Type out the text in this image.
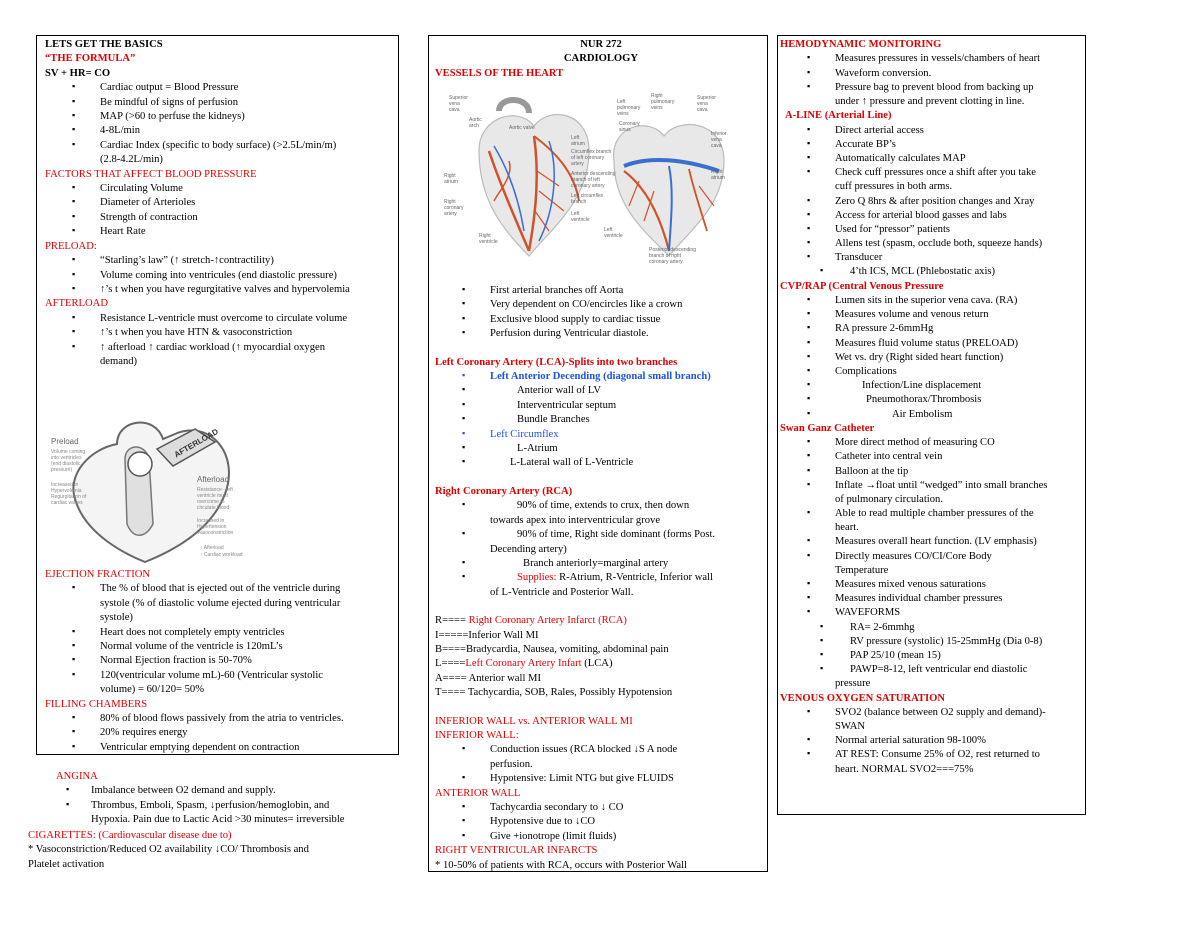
LETS GET THE BASICS
“THE FORMULA”
SV + HR= CO
▪ Cardiac output = Blood Pressure
▪ Be mindful of signs of perfusion
▪ MAP (>60 to perfuse the kidneys)
▪ 4-8L/min
▪ Cardiac Index (specific to body surface) (>2.5L/min/m)
(2.8-4.2L/min)
FACTORS THAT AFFECT BLOOD PRESSURE
▪ Circulating Volume
▪ Diameter of Arterioles
▪ Strength of contraction
▪ Heart Rate
PRELOAD:
▪ “Starling’s law” (↑ stretch-↑contractility)
▪ Volume coming into ventricules (end diastolic pressure)
▪ ↑’s t when you have regurgitative valves and hypervolemia
AFTERLOAD
▪ Resistance L-ventricle must overcome to circulate volume
▪ ↑’s t when you have HTN & vasoconstriction
▪ ↑ afterload ↑ cardiac workload (↑ myocardial oxygen
demand)
AFTERLOAD
Preload
Volume coming
into ventricles
(end diastolic
pressure)
Increased in
Hypervolemia
Regurgitation of
cardiac valves
Afterload
Resistance - left
ventricle must
overcome to
circulate blood
Increased in
Hypertension
Vasoconstriction
↑ Afterload
↑ Cardiac workload
EJECTION FRACTION
▪ The % of blood that is ejected out of the ventricle during
systole (% of diastolic volume ejected during ventricular
systole)
▪ Heart does not completely empty ventricles
▪ Normal volume of the ventricle is 120mL’s
▪ Normal Ejection fraction is 50-70%
▪ 120(ventricular volume mL)-60 (Ventricular systolic
volume) = 60/120= 50%
FILLING CHAMBERS
▪ 80% of blood flows passively from the atria to ventricles.
▪ 20% requires energy
▪ Ventricular emptying dependent on contraction
ANGINA
▪ Imbalance between O2 demand and supply.
▪ Thrombus, Emboli, Spasm, ↓perfusion/hemoglobin, and
Hypoxia. Pain due to Lactic Acid >30 minutes= irreversible
CIGARETTES: (Cardiovascular disease due to)
* Vasoconstriction/Reduced O2 availability ↓CO/ Thrombosis and
Platelet activation
NUR 272
CARDIOLOGY
VESSELS OF THE HEART
Superior
vena
cava
Aortic
arch	Aortic valve
Left
atrium
Circumflex branch
of left coronary
artery
Anterior descending
branch of left
coronary artery
Left circumflex
branch
Left
ventricle
Right
atrium
Right
coronary
artery
Right
ventricle
Left
pulmonary
veins
Right
pulmonary
veins
Superior
vena
cava
Coronary
sinus
Inferior
vena
cava
Right
atrium
Posterior descending
branch of right
coronary artery
Left
ventricle
▪ First arterial branches off Aorta
▪ Very dependent on CO/encircles like a crown
▪ Exclusive blood supply to cardiac tissue
▪ Perfusion during Ventricular diastole.
Left Coronary Artery (LCA)-Splits into two branches
▪ Left Anterior Decending (diagonal small branch)
▪ Anterior wall of LV
▪ Interventricular septum
▪ Bundle Branches
▪ Left Circumflex
▪ L-Atrium
▪ L-Lateral wall of L-Ventricle
Right Coronary Artery (RCA)
▪ 90% of time, extends to crux, then down
towards apex into interventricular grove
▪ 90% of time, Right side dominant (forms Post.
Decending artery)
▪ Branch anteriorly=marginal artery
▪ Supplies: R-Atrium, R-Ventricle, Inferior wall
of L-Ventricle and Posterior Wall.
R==== Right Coronary Artery Infarct (RCA)
I=====Inferior Wall MI
B====Bradycardia, Nausea, vomiting, abdominal pain
L====Left Coronary Artery Infart (LCA)
A==== Anterior wall MI
T==== Tachycardia, SOB, Rales, Possibly Hypotension
INFERIOR WALL vs. ANTERIOR WALL MI
INFERIOR WALL:
▪ Conduction issues (RCA blocked ↓S A node
perfusion.
▪ Hypotensive: Limit NTG but give FLUIDS
ANTERIOR WALL
▪ Tachycardia secondary to ↓ CO
▪ Hypotensive due to ↓CO
▪ Give +ionotrope (limit fluids)
RIGHT VENTRICULAR INFARCTS
* 10-50% of patients with RCA, occurs with Posterior Wall
HEMODYNAMIC MONITORING
▪ Measures pressures in vessels/chambers of heart
▪ Waveform conversion.
▪ Pressure bag to prevent blood from backing up
under ↑ pressure and prevent clotting in line.
A-LINE (Arterial Line)
▪ Direct arterial access
▪ Accurate BP’s
▪ Automatically calculates MAP
▪ Check cuff pressures once a shift after you take
cuff pressures in both arms.
▪ Zero Q 8hrs & after position changes and Xray
▪ Access for arterial blood gasses and labs
▪ Used for “pressor” patients
▪ Allens test (spasm, occlude both, squeeze hands)
▪ Transducer
▪ 4’th ICS, MCL (Phlebostatic axis)
CVP/RAP (Central Venous Pressure
▪ Lumen sits in the superior vena cava. (RA)
▪ Measures volume and venous return
▪ RA pressure 2-6mmHg
▪ Measures fluid volume status (PRELOAD)
▪ Wet vs. dry (Right sided heart function)
▪ Complications
▪ Infection/Line displacement
▪ Pneumothorax/Thrombosis
▪ Air Embolism
Swan Ganz Catheter
▪ More direct method of measuring CO
▪ Catheter into central vein
▪ Balloon at the tip
▪ Inflate →float until “wedged” into small branches
of pulmonary circulation.
▪ Able to read multiple chamber pressures of the
heart.
▪ Measures overall heart function. (LV emphasis)
▪ Directly measures CO/CI/Core Body
Temperature
▪ Measures mixed venous saturations
▪ Measures individual chamber pressures
▪ WAVEFORMS
▪ RA= 2-6mmhg
▪ RV pressure (systolic) 15-25mmHg (Dia 0-8)
▪ PAP 25/10 (mean 15)
▪ PAWP=8-12, left ventricular end diastolic
pressure
VENOUS OXYGEN SATURATION
▪ SVO2 (balance between O2 supply and demand)-
SWAN
▪ Normal arterial saturation 98-100%
▪ AT REST: Consume 25% of O2, rest returned to
heart. NORMAL SVO2===75%
